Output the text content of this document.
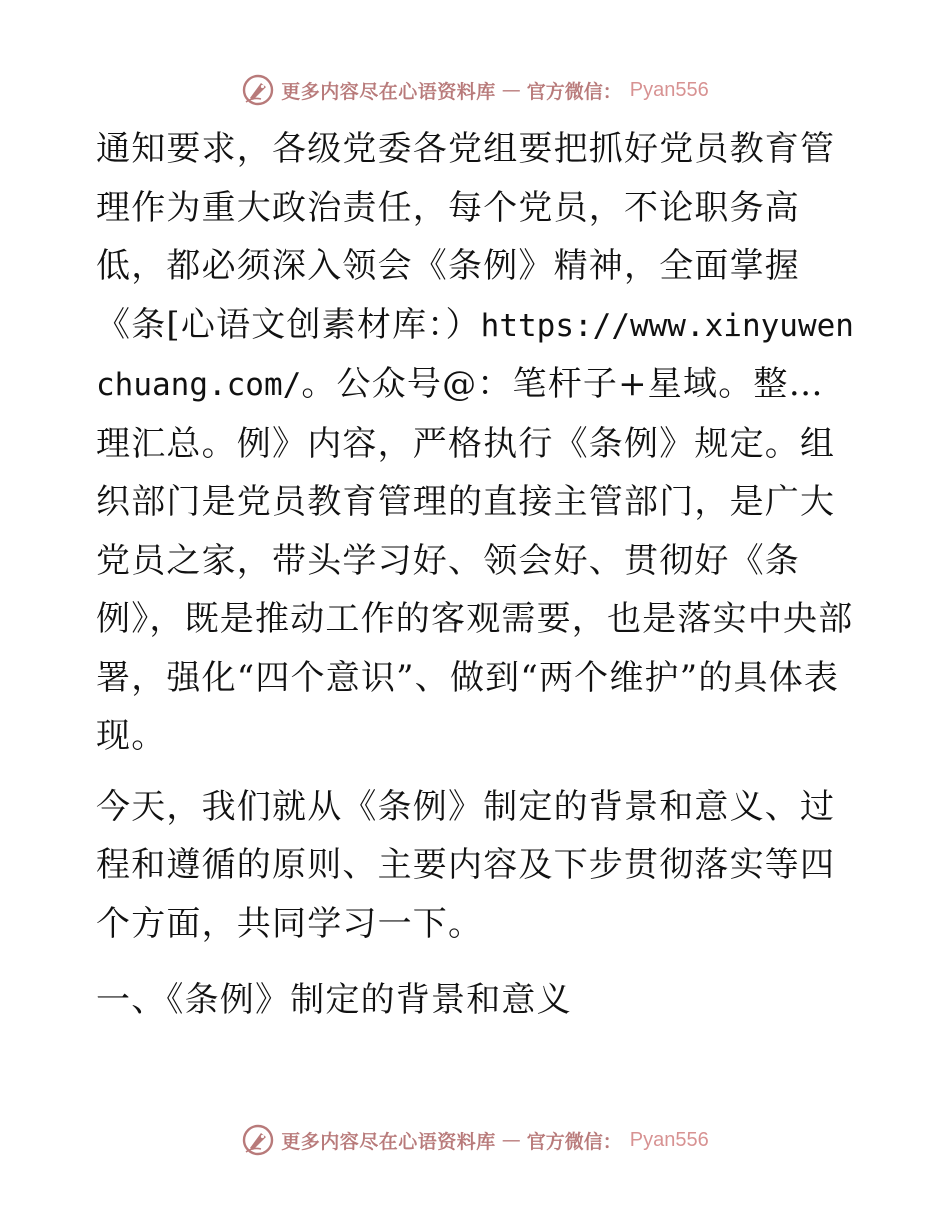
更多内容尽在心语资料库 — 官方微信： Pyan556

通知要求，各级党委各党组要把抓好党员教育管理作为重大政治责任，每个党员，不论职务高低，都必须深入领会《条例》精神，全面掌握《条[心语文创素材库：）https://www.xinyuwenchuang.com/。公众号@：笔杆子+星域。整…理汇总。例》内容，严格执行《条例》规定。组织部门是党员教育管理的直接主管部门，是广大党员之家，带头学习好、领会好、贯彻好《条例》，既是推动工作的客观需要，也是落实中央部署，强化“四个意识”、做到“两个维护”的具体表现。

今天，我们就从《条例》制定的背景和意义、过程和遵循的原则、主要内容及下步贯彻落实等四个方面，共同学习一下。

一、《条例》制定的背景和意义

更多内容尽在心语资料库 — 官方微信： Pyan556
